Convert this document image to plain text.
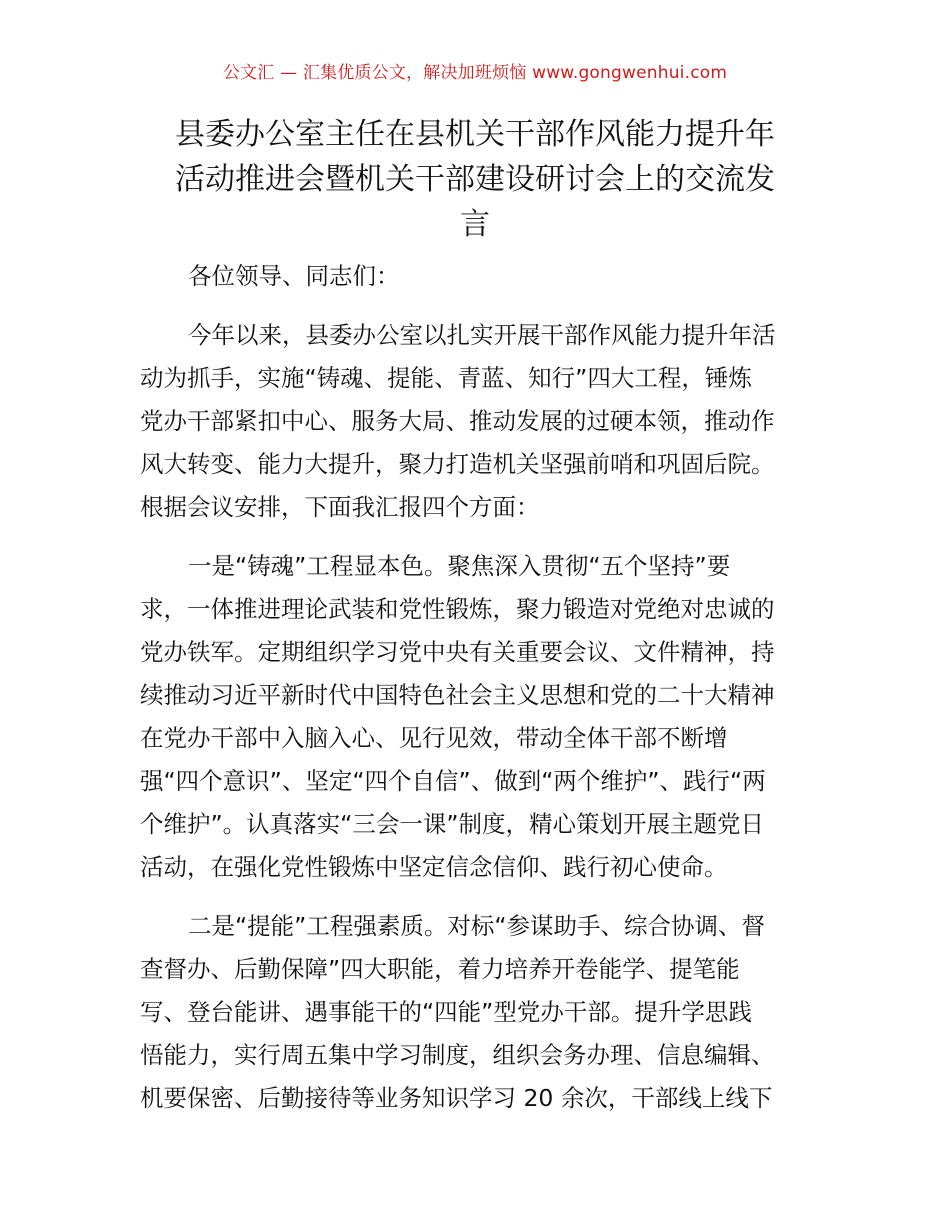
公文汇 — 汇集优质公文，解决加班烦恼 www.gongwenhui.com
县委办公室主任在县机关干部作风能力提升年
活动推进会暨机关干部建设研讨会上的交流发
言
各位领导、同志们：
今年以来，县委办公室以扎实开展干部作风能力提升年活
动为抓手，实施“铸魂、提能、青蓝、知行”四大工程，锤炼
党办干部紧扣中心、服务大局、推动发展的过硬本领，推动作
风大转变、能力大提升，聚力打造机关坚强前哨和巩固后院。
根据会议安排，下面我汇报四个方面：
一是“铸魂”工程显本色。聚焦深入贯彻“五个坚持”要
求，一体推进理论武装和党性锻炼，聚力锻造对党绝对忠诚的
党办铁军。定期组织学习党中央有关重要会议、文件精神，持
续推动习近平新时代中国特色社会主义思想和党的二十大精神
在党办干部中入脑入心、见行见效，带动全体干部不断增
强“四个意识”、坚定“四个自信”、做到“两个维护”、践行“两
个维护”。认真落实“三会一课”制度，精心策划开展主题党日
活动，在强化党性锻炼中坚定信念信仰、践行初心使命。
二是“提能”工程强素质。对标“参谋助手、综合协调、督
查督办、后勤保障”四大职能，着力培养开卷能学、提笔能
写、登台能讲、遇事能干的“四能”型党办干部。提升学思践
悟能力，实行周五集中学习制度，组织会务办理、信息编辑、
机要保密、后勤接待等业务知识学习 20 余次，干部线上线下
